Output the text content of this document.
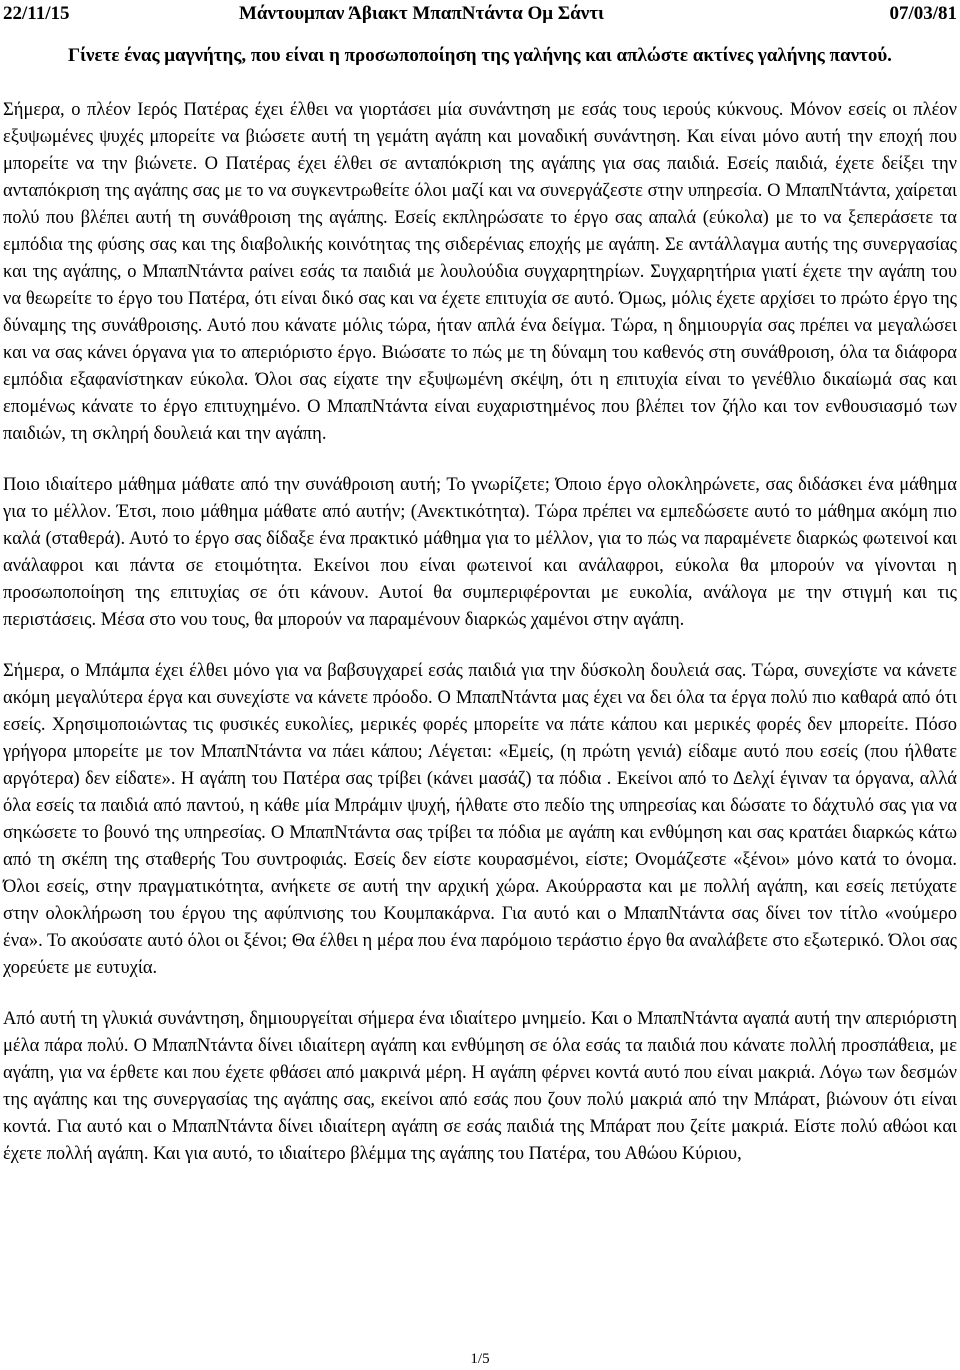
22/11/15	Μάντουμπαν Άβιακτ ΜπαπΝτάντα Ομ Σάντι	07/03/81
Γίνετε ένας μαγνήτης, που είναι η προσωποποίηση της γαλήνης και απλώστε ακτίνες γαλήνης παντού.

Σήμερα, ο πλέον Ιερός Πατέρας έχει έλθει να γιορτάσει μία συνάντηση με εσάς τους ιερούς κύκνους. Μόνον εσείς οι πλέον εξυψωμένες ψυχές μπορείτε να βιώσετε αυτή τη γεμάτη αγάπη και μοναδική συνάντηση. Και είναι μόνο αυτή την εποχή που μπορείτε να την βιώνετε. Ο Πατέρας έχει έλθει σε ανταπόκριση της αγάπης για σας παιδιά. Εσείς παιδιά, έχετε δείξει την ανταπόκριση της αγάπης σας με το να συγκεντρωθείτε όλοι μαζί και να συνεργάζεστε στην υπηρεσία. Ο ΜπαπΝτάντα, χαίρεται πολύ που βλέπει αυτή τη συνάθροιση της αγάπης. Εσείς εκπληρώσατε το έργο σας απαλά (εύκολα) με το να ξεπεράσετε τα εμπόδια της φύσης σας και της διαβολικής κοινότητας της σιδερένιας εποχής με αγάπη. Σε αντάλλαγμα αυτής της συνεργασίας και της αγάπης, ο ΜπαπΝτάντα ραίνει εσάς τα παιδιά με λουλούδια συγχαρητηρίων. Συγχαρητήρια γιατί έχετε την αγάπη του να θεωρείτε το έργο του Πατέρα, ότι είναι δικό σας και να έχετε επιτυχία σε αυτό. Όμως, μόλις έχετε αρχίσει το πρώτο έργο της δύναμης της συνάθροισης. Αυτό που κάνατε μόλις τώρα, ήταν απλά ένα δείγμα. Τώρα, η δημιουργία σας πρέπει να μεγαλώσει και να σας κάνει όργανα για το απεριόριστο έργο. Βιώσατε το πώς με τη δύναμη του καθενός στη συνάθροιση, όλα τα διάφορα εμπόδια εξαφανίστηκαν εύκολα. Όλοι σας είχατε την εξυψωμένη σκέψη, ότι η επιτυχία είναι το γενέθλιο δικαίωμά σας και επομένως κάνατε το έργο επιτυχημένο. Ο ΜπαπΝτάντα είναι ευχαριστημένος που βλέπει τον ζήλο και τον ενθουσιασμό των παιδιών, τη σκληρή δουλειά και την αγάπη.

Ποιο ιδιαίτερο μάθημα μάθατε από την συνάθροιση αυτή; Το γνωρίζετε; Όποιο έργο ολοκληρώνετε, σας διδάσκει ένα μάθημα για το μέλλον. Έτσι, ποιο μάθημα μάθατε από αυτήν; (Ανεκτικότητα). Τώρα πρέπει να εμπεδώσετε αυτό το μάθημα ακόμη πιο καλά (σταθερά). Αυτό το έργο σας δίδαξε ένα πρακτικό μάθημα για το μέλλον, για το πώς να παραμένετε διαρκώς φωτεινοί και ανάλαφροι και πάντα σε ετοιμότητα. Εκείνοι που είναι φωτεινοί και ανάλαφροι, εύκολα θα μπορούν να γίνονται η προσωποποίηση της επιτυχίας σε ότι κάνουν. Αυτοί θα συμπεριφέρονται με ευκολία, ανάλογα με την στιγμή και τις περιστάσεις. Μέσα στο νου τους, θα μπορούν να παραμένουν διαρκώς χαμένοι στην αγάπη.

Σήμερα, ο Μπάμπα έχει έλθει μόνο για να βαβσυγχαρεί εσάς παιδιά για την δύσκολη δουλειά σας. Τώρα, συνεχίστε να κάνετε ακόμη μεγαλύτερα έργα και συνεχίστε να κάνετε πρόοδο. Ο ΜπαπΝτάντα μας έχει να δει όλα τα έργα πολύ πιο καθαρά από ότι εσείς. Χρησιμοποιώντας τις φυσικές ευκολίες, μερικές φορές μπορείτε να πάτε κάπου και μερικές φορές δεν μπορείτε. Πόσο γρήγορα μπορείτε με τον ΜπαπΝτάντα να πάει κάπου; Λέγεται: «Εμείς, (η πρώτη γενιά) είδαμε αυτό που εσείς (που ήλθατε αργότερα) δεν είδατε». Η αγάπη του Πατέρα σας τρίβει (κάνει μασάζ) τα πόδια . Εκείνοι από το Δελχί έγιναν τα όργανα, αλλά όλα εσείς τα παιδιά από παντού, η κάθε μία Μπράμιν ψυχή, ήλθατε στο πεδίο της υπηρεσίας και δώσατε το δάχτυλό σας για να σηκώσετε το βουνό της υπηρεσίας. Ο ΜπαπΝτάντα σας τρίβει τα πόδια με αγάπη και ενθύμηση και σας κρατάει διαρκώς κάτω από τη σκέπη της σταθερής Του συντροφιάς. Εσείς δεν είστε κουρασμένοι, είστε; Ονομάζεστε «ξένοι» μόνο κατά το όνομα. Όλοι εσείς, στην πραγματικότητα, ανήκετε σε αυτή την αρχική χώρα. Ακούρραστα και με πολλή αγάπη, και εσείς πετύχατε στην ολοκλήρωση του έργου της αφύπνισης του Κουμπακάρνα. Για αυτό και ο ΜπαπΝτάντα σας δίνει τον τίτλο «νούμερο ένα». Το ακούσατε αυτό όλοι οι ξένοι; Θα έλθει η μέρα που ένα παρόμοιο τεράστιο έργο θα αναλάβετε στο εξωτερικό. Όλοι σας χορεύετε με ευτυχία.

Από αυτή τη γλυκιά συνάντηση, δημιουργείται σήμερα ένα ιδιαίτερο μνημείο. Και ο ΜπαπΝτάντα αγαπά αυτή την απεριόριστη μέλα πάρα πολύ. Ο ΜπαπΝτάντα δίνει ιδιαίτερη αγάπη και ενθύμηση σε όλα εσάς τα παιδιά που κάνατε πολλή προσπάθεια, με αγάπη, για να έρθετε και που έχετε φθάσει από μακρινά μέρη. Η αγάπη φέρνει κοντά αυτό που είναι μακριά. Λόγω των δεσμών της αγάπης και της συνεργασίας της αγάπης σας, εκείνοι από εσάς που ζουν πολύ μακριά από την Μπάρατ, βιώνουν ότι είναι κοντά. Για αυτό και ο ΜπαπΝτάντα δίνει ιδιαίτερη αγάπη σε εσάς παιδιά της Μπάρατ που ζείτε μακριά. Είστε πολύ αθώοι και έχετε πολλή αγάπη. Και για αυτό, το ιδιαίτερο βλέμμα της αγάπης του Πατέρα, του Αθώου Κύριου,

1/5
